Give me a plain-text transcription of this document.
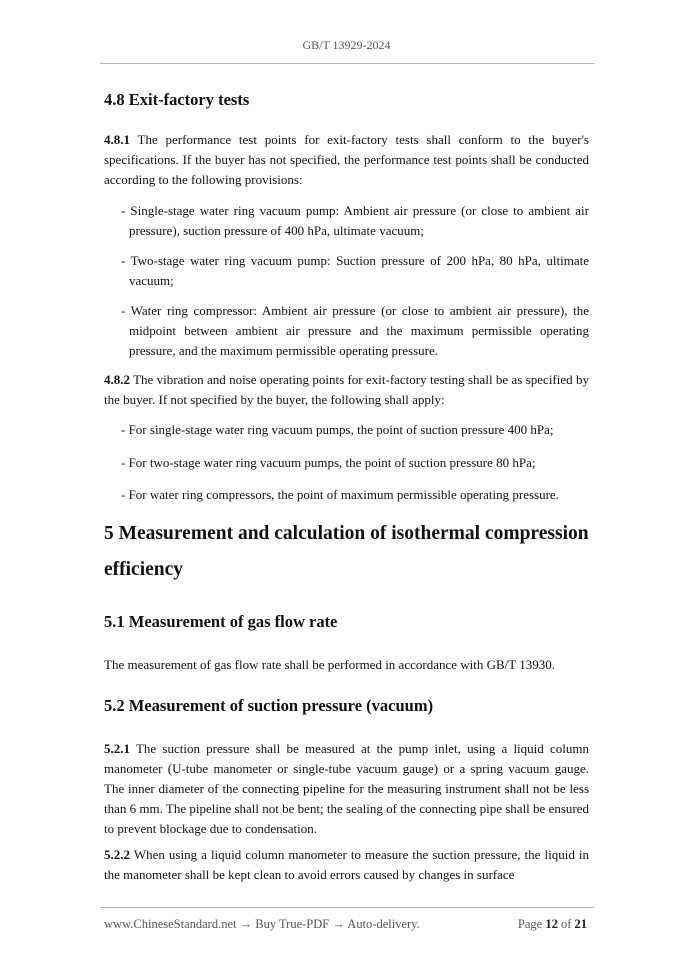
GB/T 13929-2024
4.8 Exit-factory tests
4.8.1 The performance test points for exit-factory tests shall conform to the buyer's specifications. If the buyer has not specified, the performance test points shall be conducted according to the following provisions:
- Single-stage water ring vacuum pump: Ambient air pressure (or close to ambient air pressure), suction pressure of 400 hPa, ultimate vacuum;
- Two-stage water ring vacuum pump: Suction pressure of 200 hPa, 80 hPa, ultimate vacuum;
- Water ring compressor: Ambient air pressure (or close to ambient air pressure), the midpoint between ambient air pressure and the maximum permissible operating pressure, and the maximum permissible operating pressure.
4.8.2 The vibration and noise operating points for exit-factory testing shall be as specified by the buyer. If not specified by the buyer, the following shall apply:
- For single-stage water ring vacuum pumps, the point of suction pressure 400 hPa;
- For two-stage water ring vacuum pumps, the point of suction pressure 80 hPa;
- For water ring compressors, the point of maximum permissible operating pressure.
5 Measurement and calculation of isothermal compression
efficiency
5.1 Measurement of gas flow rate
The measurement of gas flow rate shall be performed in accordance with GB/T 13930.
5.2 Measurement of suction pressure (vacuum)
5.2.1 The suction pressure shall be measured at the pump inlet, using a liquid column manometer (U-tube manometer or single-tube vacuum gauge) or a spring vacuum gauge. The inner diameter of the connecting pipeline for the measuring instrument shall not be less than 6 mm. The pipeline shall not be bent; the sealing of the connecting pipe shall be ensured to prevent blockage due to condensation.
5.2.2 When using a liquid column manometer to measure the suction pressure, the liquid in the manometer shall be kept clean to avoid errors caused by changes in surface
www.ChineseStandard.net → Buy True-PDF → Auto-delivery.	Page 12 of 21
